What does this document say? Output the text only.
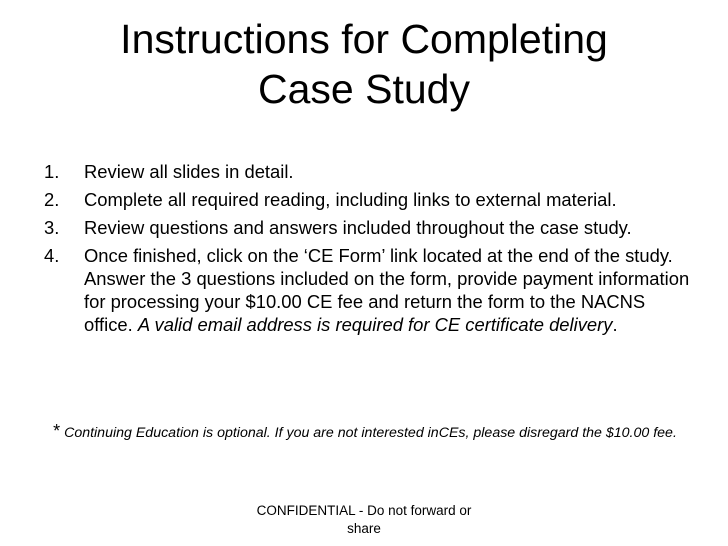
Instructions for Completing
Case Study
1. Review all slides in detail.
2. Complete all required reading, including links to external material.
3. Review questions and answers included throughout the case study.
4. Once finished, click on the ‘CE Form’ link located at the end of the study. Answer the 3 questions included on the form, provide payment information for processing your $10.00 CE fee and return the form to the NACNS office. A valid email address is required for CE certificate delivery.
* Continuing Education is optional. If you are not interested inCEs, please disregard the $10.00 fee.
CONFIDENTIAL - Do not forward or share
